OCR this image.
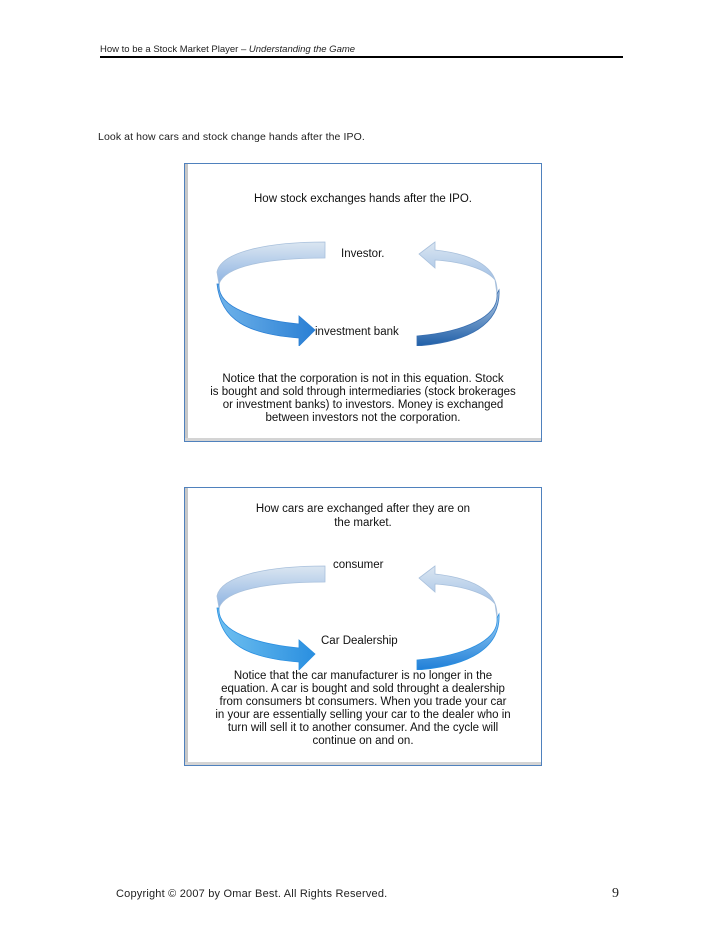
How to be a Stock Market Player – Understanding the Game
Look at how cars and stock change hands after the IPO.
How stock exchanges hands after the IPO.
Investor.
investment bank
Notice that the corporation is not in this equation. Stock
is bought and sold through intermediaries (stock brokerages
or investment banks) to investors. Money is exchanged
between investors not the corporation.
How cars are exchanged after they are on
the market.
consumer
Car Dealership
Notice that the car manufacturer is no longer in the
equation. A car is bought and sold throught a dealership
from consumers bt consumers. When you trade your car
in your are essentially selling your car to the dealer who in
turn will sell it to another consumer. And the cycle will
continue on and on.
Copyright © 2007 by Omar Best. All Rights Reserved.	9
